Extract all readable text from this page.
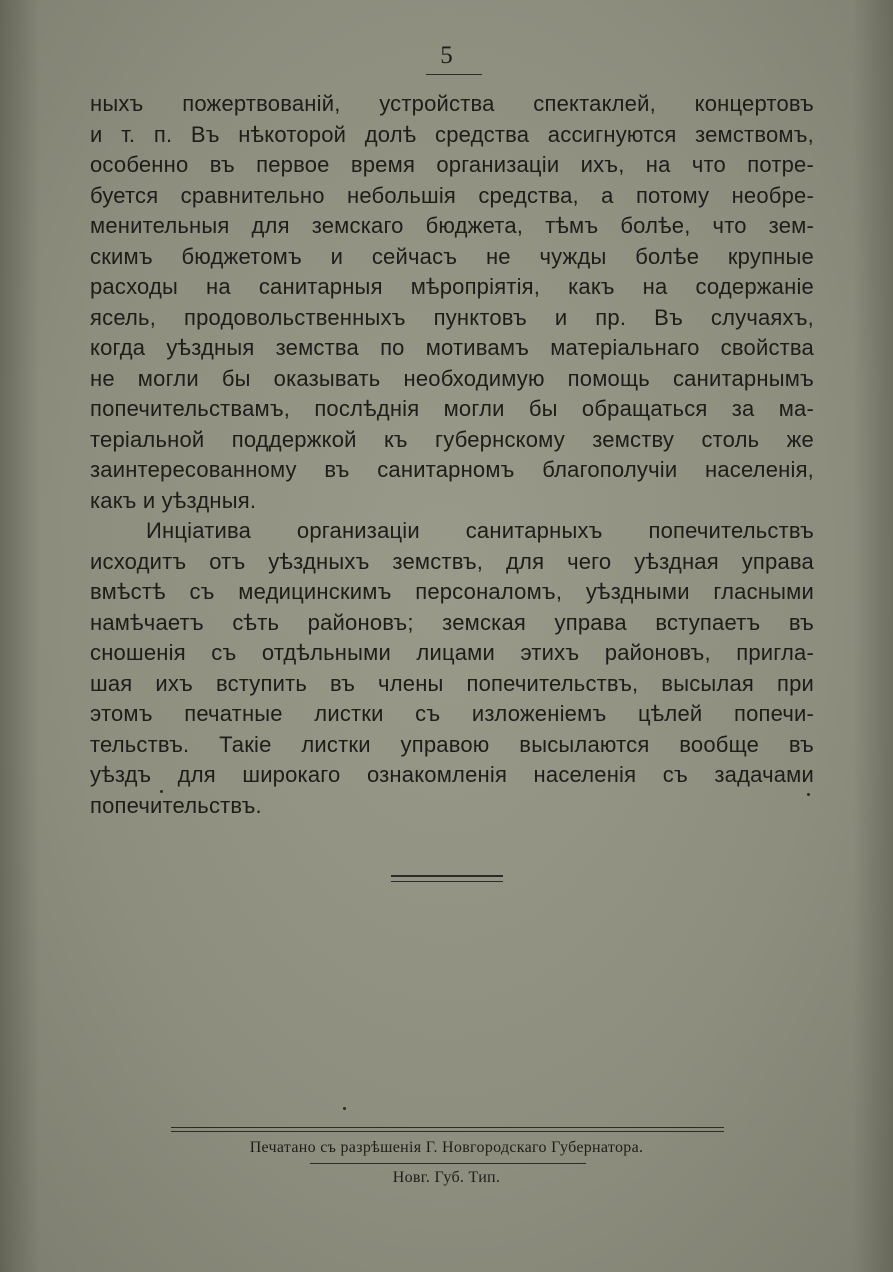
5
ныхъ пожертвованій, устройства спектаклей, концертовъ
и т. п. Въ нѣкоторой долѣ средства ассигнуются земствомъ,
особенно въ первое время организаціи ихъ, на что потре-
буется сравнительно небольшія средства, а потому необре-
менительныя для земскаго бюджета, тѣмъ болѣе, что зем-
скимъ бюджетомъ и сейчасъ не чужды болѣе крупные
расходы на санитарныя мѣропріятія, какъ на содержаніе
ясель, продовольственныхъ пунктовъ и пр. Въ случаяхъ,
когда уѣздныя земства по мотивамъ матеріальнаго свойства
не могли бы оказывать необходимую помощь санитарнымъ
попечительствамъ, послѣднія могли бы обращаться за ма-
теріальной поддержкой къ губернскому земству столь же
заинтересованному въ санитарномъ благополучіи населенія,
какъ и уѣздныя.
Инціатива организаціи санитарныхъ попечительствъ
исходитъ отъ уѣздныхъ земствъ, для чего уѣздная управа
вмѣстѣ съ медицинскимъ персоналомъ, уѣздными гласными
намѣчаетъ сѣть районовъ; земская управа вступаетъ въ
сношенія съ отдѣльными лицами этихъ районовъ, пригла-
шая ихъ вступить въ члены попечительствъ, высылая при
этомъ печатные листки съ изложеніемъ цѣлей попечи-
тельствъ. Такіе листки управою высылаются вообще въ
уѣздъ для широкаго ознакомленія населенія съ задачами
попечительствъ.
Печатано съ разрѣшенія Г. Новгородскаго Губернатора.
Новг. Губ. Тип.
